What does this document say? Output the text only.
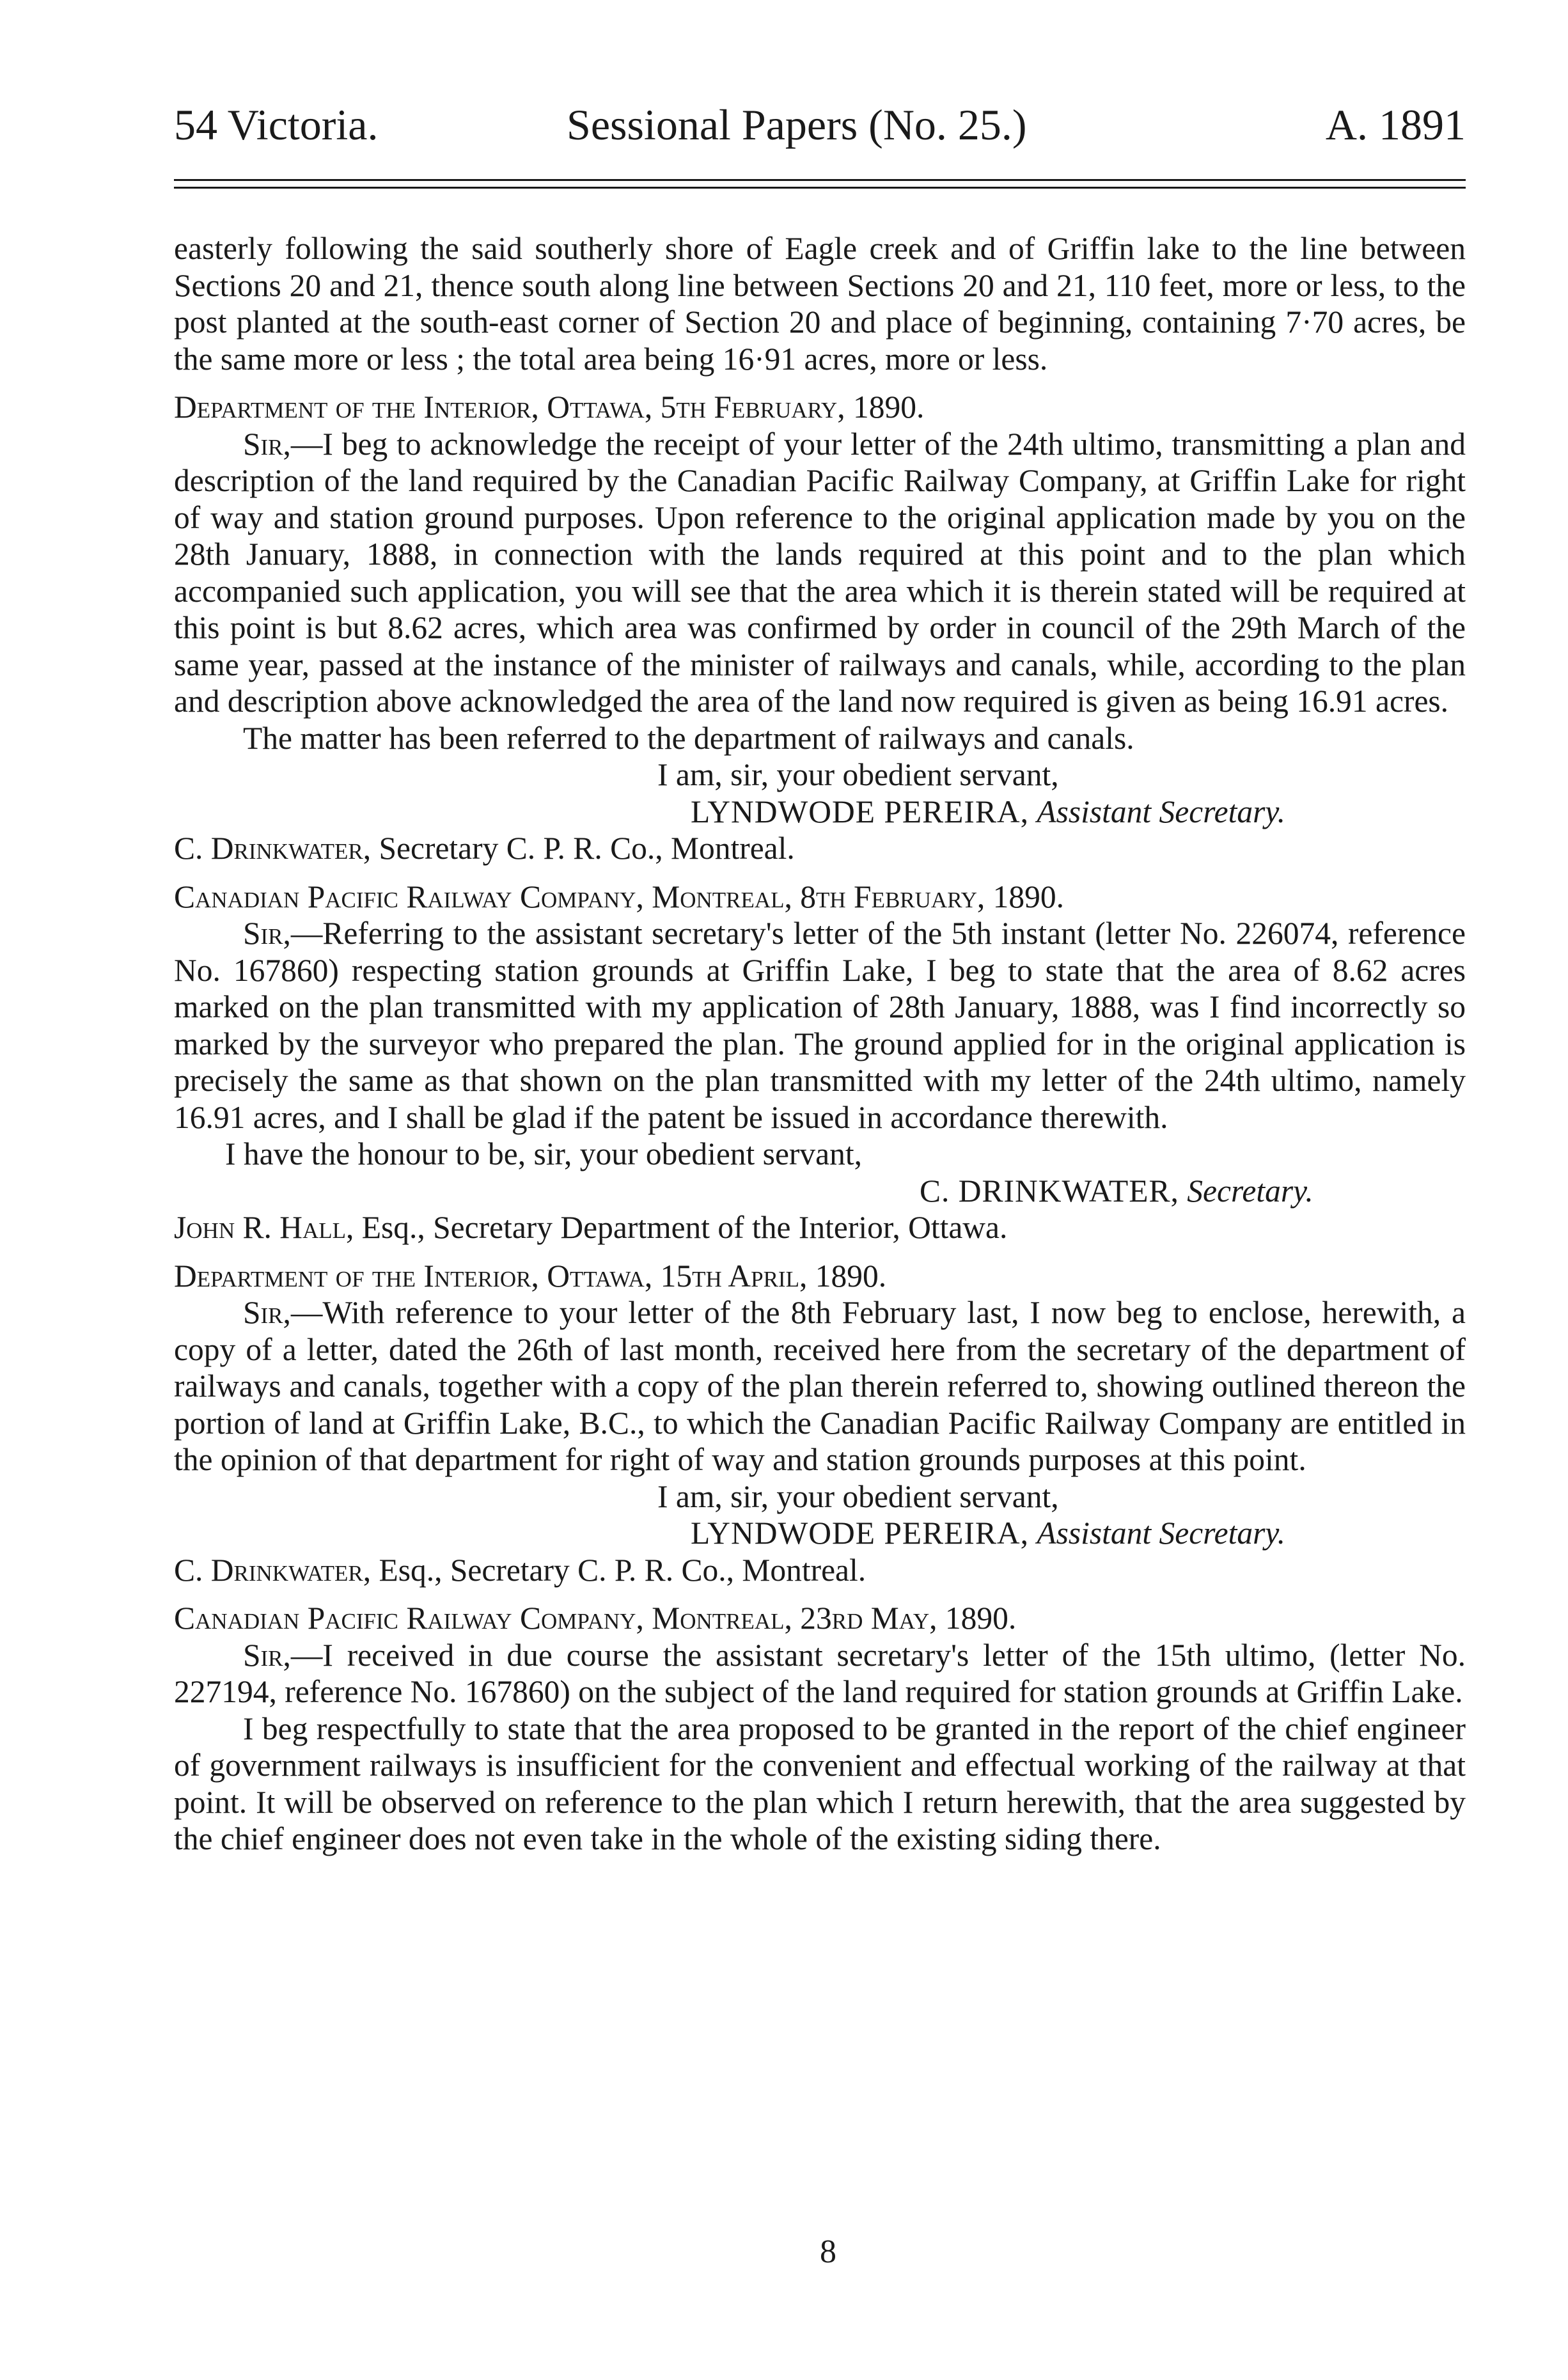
54 Victoria.	Sessional Papers (No. 25.)	A. 1891

easterly following the said southerly shore of Eagle creek and of Griffin lake to the line between Sections 20 and 21, thence south along line between Sections 20 and 21, 110 feet, more or less, to the post planted at the south-east corner of Section 20 and place of beginning, containing 7·70 acres, be the same more or less ; the total area being 16·91 acres, more or less.

Department of the Interior, Ottawa, 5th February, 1890.

Sir,—I beg to acknowledge the receipt of your letter of the 24th ultimo, transmitting a plan and description of the land required by the Canadian Pacific Railway Company, at Griffin Lake for right of way and station ground purposes. Upon reference to the original application made by you on the 28th January, 1888, in connection with the lands required at this point and to the plan which accompanied such application, you will see that the area which it is therein stated will be required at this point is but 8.62 acres, which area was confirmed by order in council of the 29th March of the same year, passed at the instance of the minister of railways and canals, while, according to the plan and description above acknowledged the area of the land now required is given as being 16.91 acres.

The matter has been referred to the department of railways and canals.

I am, sir, your obedient servant,

LYNDWODE PEREIRA, Assistant Secretary.

C. Drinkwater, Secretary C. P. R. Co., Montreal.

Canadian Pacific Railway Company, Montreal, 8th February, 1890.

Sir,—Referring to the assistant secretary's letter of the 5th instant (letter No. 226074, reference No. 167860) respecting station grounds at Griffin Lake, I beg to state that the area of 8.62 acres marked on the plan transmitted with my application of 28th January, 1888, was I find incorrectly so marked by the surveyor who prepared the plan. The ground applied for in the original application is precisely the same as that shown on the plan transmitted with my letter of the 24th ultimo, namely 16.91 acres, and I shall be glad if the patent be issued in accordance therewith.

I have the honour to be, sir, your obedient servant,

C. DRINKWATER, Secretary.

John R. Hall, Esq., Secretary Department of the Interior, Ottawa.

Department of the Interior, Ottawa, 15th April, 1890.

Sir,—With reference to your letter of the 8th February last, I now beg to enclose, herewith, a copy of a letter, dated the 26th of last month, received here from the secretary of the department of railways and canals, together with a copy of the plan therein referred to, showing outlined thereon the portion of land at Griffin Lake, B.C., to which the Canadian Pacific Railway Company are entitled in the opinion of that department for right of way and station grounds purposes at this point.

I am, sir, your obedient servant,

LYNDWODE PEREIRA, Assistant Secretary.

C. Drinkwater, Esq., Secretary C. P. R. Co., Montreal.

Canadian Pacific Railway Company, Montreal, 23rd May, 1890.

Sir,—I received in due course the assistant secretary's letter of the 15th ultimo, (letter No. 227194, reference No. 167860) on the subject of the land required for station grounds at Griffin Lake.

I beg respectfully to state that the area proposed to be granted in the report of the chief engineer of government railways is insufficient for the convenient and effectual working of the railway at that point. It will be observed on reference to the plan which I return herewith, that the area suggested by the chief engineer does not even take in the whole of the existing siding there.

8
